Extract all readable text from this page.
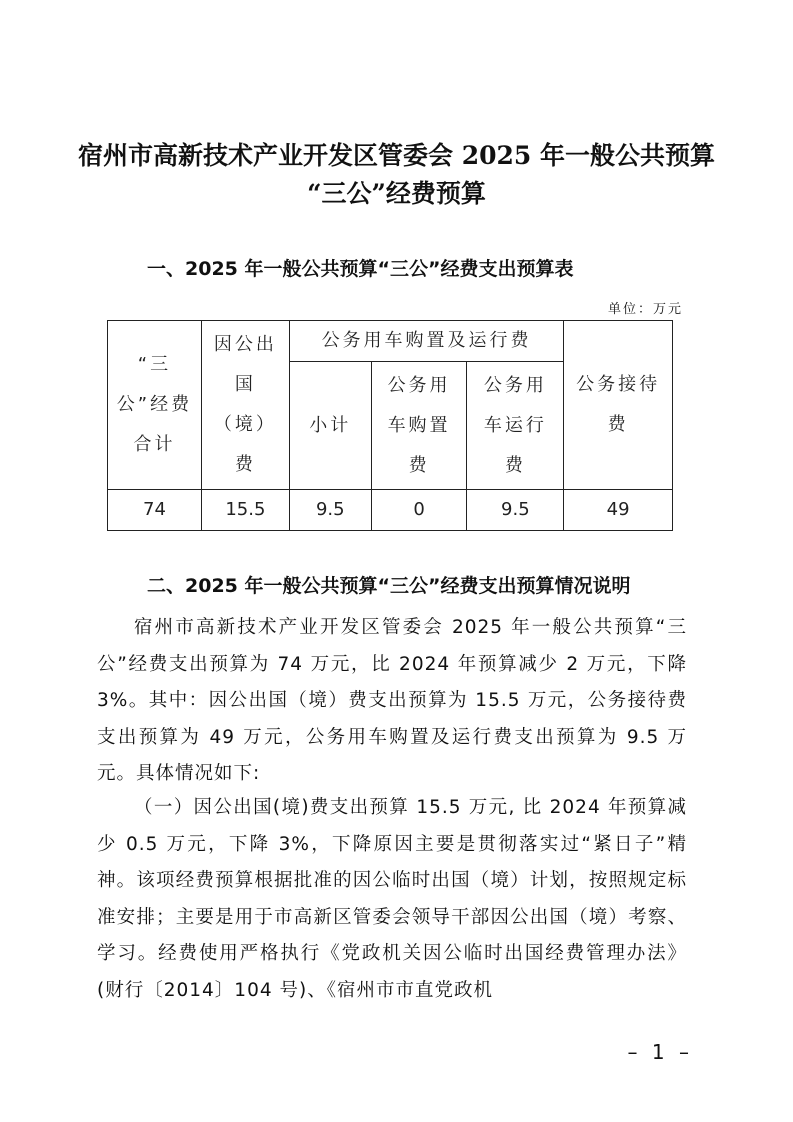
宿州市高新技术产业开发区管委会 2025 年一般公共预算
“三公”经费预算
一、2025 年一般公共预算“三公”经费支出预算表
单位：万元
“三公”经费合计	因公出国（境）费	公务用车购置及运行费			公务接待费
		小计	公务用车购置费	公务用车运行费	
74	15.5	9.5	0	9.5	49
二、2025 年一般公共预算“三公”经费支出预算情况说明

宿州市高新技术产业开发区管委会 2025 年一般公共预算“三公”经费支出预算为 74 万元，比 2024 年预算减少 2 万元，下降 3%。其中：因公出国（境）费支出预算为 15.5 万元，公务接待费支出预算为 49 万元，公务用车购置及运行费支出预算为 9.5 万元。具体情况如下:

（一）因公出国(境)费支出预算 15.5 万元, 比 2024 年预算减少 0.5 万元，下降 3%，下降原因主要是贯彻落实过“紧日子”精神。该项经费预算根据批准的因公临时出国（境）计划，按照规定标准安排；主要是用于市高新区管委会领导干部因公出国（境）考察、学习。经费使用严格执行《党政机关因公临时出国经费管理办法》(财行〔2014〕104 号)、《宿州市市直党政机

– 1 –
